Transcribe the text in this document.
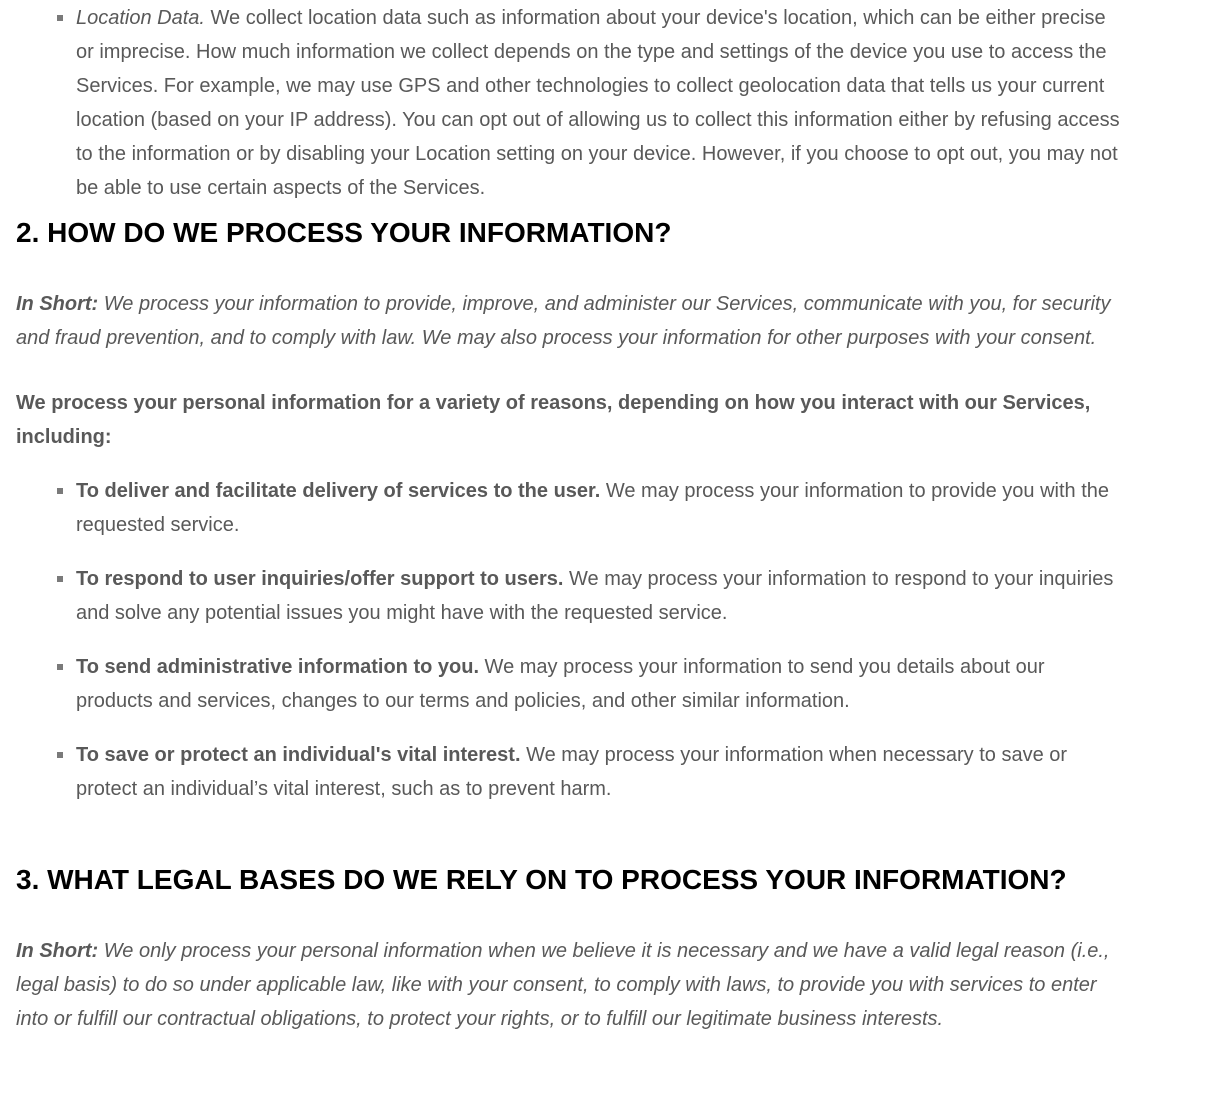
Location Data. We collect location data such as information about your device's location, which can be either precise or imprecise. How much information we collect depends on the type and settings of the device you use to access the Services. For example, we may use GPS and other technologies to collect geolocation data that tells us your current location (based on your IP address). You can opt out of allowing us to collect this information either by refusing access to the information or by disabling your Location setting on your device. However, if you choose to opt out, you may not be able to use certain aspects of the Services.
2. HOW DO WE PROCESS YOUR INFORMATION?

In Short: We process your information to provide, improve, and administer our Services, communicate with you, for security and fraud prevention, and to comply with law. We may also process your information for other purposes with your consent.

We process your personal information for a variety of reasons, depending on how you interact with our Services, including:

To deliver and facilitate delivery of services to the user. We may process your information to provide you with the requested service.
To respond to user inquiries/offer support to users. We may process your information to respond to your inquiries and solve any potential issues you might have with the requested service.
To send administrative information to you. We may process your information to send you details about our products and services, changes to our terms and policies, and other similar information.
To save or protect an individual's vital interest. We may process your information when necessary to save or protect an individual’s vital interest, such as to prevent harm.
3. WHAT LEGAL BASES DO WE RELY ON TO PROCESS YOUR INFORMATION?

In Short: We only process your personal information when we believe it is necessary and we have a valid legal reason (i.e., legal basis) to do so under applicable law, like with your consent, to comply with laws, to provide you with services to enter into or fulfill our contractual obligations, to protect your rights, or to fulfill our legitimate business interests.
